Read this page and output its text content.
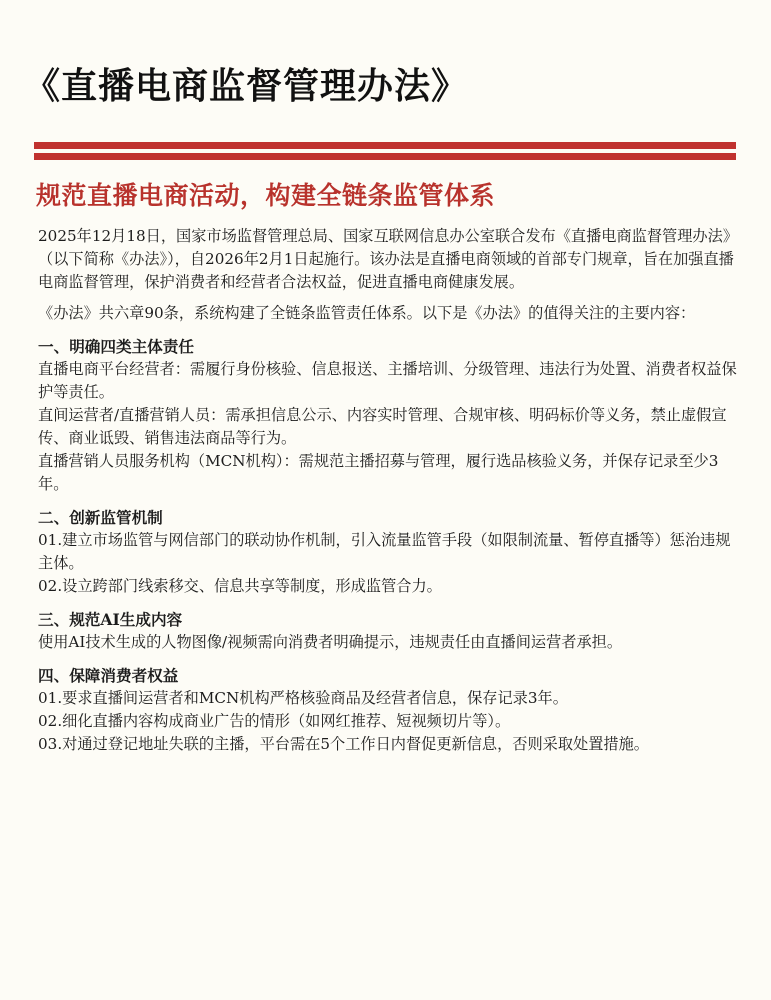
《直播电商监督管理办法》
规范直播电商活动，构建全链条监管体系

2025年12月18日，国家市场监督管理总局、国家互联网信息办公室联合发布《直播电商监督管理办法》（以下简称《办法》），自2026年2月1日起施行。该办法是直播电商领域的首部专门规章，旨在加强直播电商监督管理，保护消费者和经营者合法权益，促进直播电商健康发展。

《办法》共六章90条，系统构建了全链条监管责任体系。以下是《办法》的值得关注的主要内容：

一、明确四类主体责任

直播电商平台经营者：需履行身份核验、信息报送、主播培训、分级管理、违法行为处置、消费者权益保护等责任。

直间运营者/直播营销人员：需承担信息公示、内容实时管理、合规审核、明码标价等义务，禁止虚假宣传、商业诋毁、销售违法商品等行为。

直播营销人员服务机构（MCN机构）：需规范主播招募与管理，履行选品核验义务，并保存记录至少3年。

二、创新监管机制

01.建立市场监管与网信部门的联动协作机制，引入流量监管手段（如限制流量、暂停直播等）惩治违规主体。

02.设立跨部门线索移交、信息共享等制度，形成监管合力。

三、规范AI生成内容

使用AI技术生成的人物图像/视频需向消费者明确提示，违规责任由直播间运营者承担。

四、保障消费者权益

01.要求直播间运营者和MCN机构严格核验商品及经营者信息，保存记录3年。

02.细化直播内容构成商业广告的情形（如网红推荐、短视频切片等）。

03.对通过登记地址失联的主播，平台需在5个工作日内督促更新信息，否则采取处置措施。
